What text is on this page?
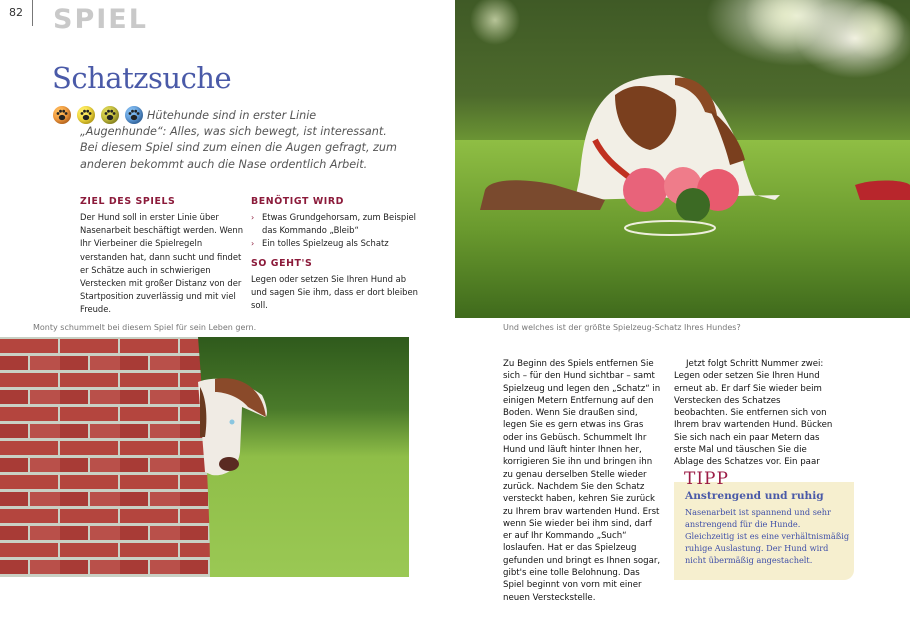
82 SPIEL
Schatzsuche
Hütehunde sind in erster Linie „Augenhunde“: Alles, was sich bewegt, ist interessant. Bei diesem Spiel sind zum einen die Augen gefragt, zum anderen bekommt auch die Nase ordentlich Arbeit.
ZIEL DES SPIELS
Der Hund soll in erster Linie über Nasenarbeit beschäftigt werden. Wenn Ihr Vierbeiner die Spielregeln verstanden hat, dann sucht und findet er Schätze auch in schwierigen Verstecken mit großer Distanz von der Startposition zuverlässig und mit viel Freude.
BENÖTIGT WIRD
› Etwas Grundgehorsam, zum Beispiel das Kommando „Bleib“
› Ein tolles Spielzeug als Schatz
SO GEHT'S
Legen oder setzen Sie Ihren Hund ab und sagen Sie ihm, dass er dort bleiben soll.
Monty schummelt bei diesem Spiel für sein Leben gern.	Und welches ist der größte Spielzeug-Schatz Ihres Hundes?

Zu Beginn des Spiels entfernen Sie sich – für den Hund sichtbar – samt Spielzeug und legen den „Schatz“ in einigen Metern Entfernung auf den Boden. Wenn Sie draußen sind, legen Sie es gern etwas ins Gras oder ins Gebüsch. Schummelt Ihr Hund und läuft hinter Ihnen her, korrigieren Sie ihn und bringen ihn zu genau derselben Stelle wieder zurück. Nachdem Sie den Schatz versteckt haben, kehren Sie zurück zu Ihrem brav wartenden Hund. Erst wenn Sie wieder bei ihm sind, darf er auf Ihr Kommando „Such“ loslaufen. Hat er das Spielzeug gefunden und bringt es Ihnen sogar, gibt's eine tolle Belohnung. Das Spiel beginnt von vorn mit einer neuen Versteckstelle.

Jetzt folgt Schritt Nummer zwei: Legen oder setzen Sie Ihren Hund erneut ab. Er darf Sie wieder beim Verstecken des Schatzes beobachten. Sie entfernen sich von Ihrem brav wartenden Hund. Bücken Sie sich nach ein paar Metern das erste Mal und täuschen Sie die Ablage des Schatzes vor. Ein paar

TIPP
Anstrengend und ruhig
Nasenarbeit ist spannend und sehr anstrengend für die Hunde. Gleichzeitig ist es eine verhältnismäßig ruhige Auslastung. Der Hund wird nicht übermäßig angestachelt.
